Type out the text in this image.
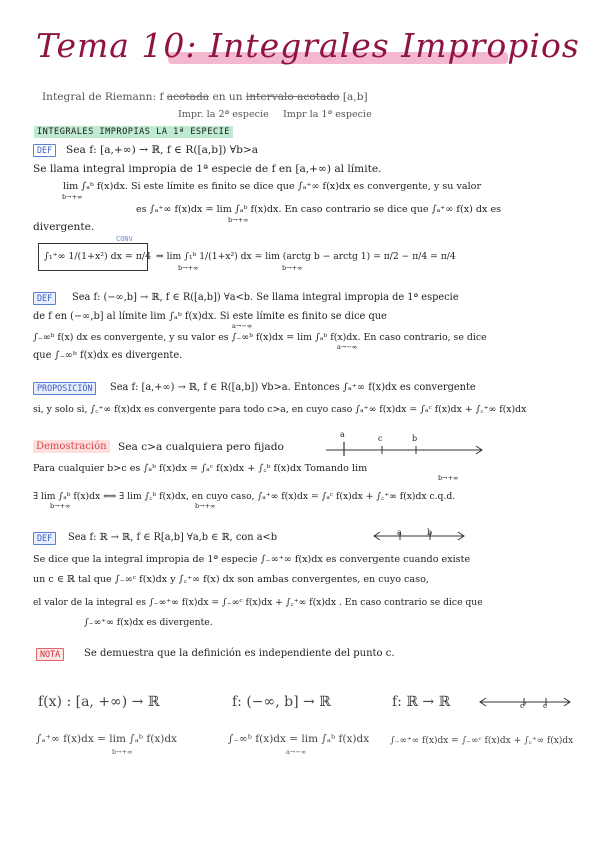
Tema 10: Integrales Impropios
Integral de Riemann: f acotada en un intervalo acotado [a,b]
Impr. la 2ª especie Impr la 1ª especie
INTEGRALES IMPROPIAS LA 1ª ESPECIE
DEF	Sea f: [a,+∞) → ℝ, f ∈ R([a,b]) ∀b>a
Se llama integral impropia de 1ª especie de f en [a,+∞) al límite.
lim ∫ₐᵇ f(x)dx. Si este límite es finito se dice que ∫ₐ⁺∞ f(x)dx es convergente, y su valor
b→+∞
es ∫ₐ⁺∞ f(x)dx = lim ∫ₐᵇ f(x)dx. En caso contrario se dice que ∫ₐ⁺∞ f(x) dx es
b→+∞
divergente.
CONV
∫₁⁺∞ 1/(1+x²) dx = π/4 ⇒ lim ∫₁ᵇ 1/(1+x²) dx = lim (arctg b − arctg 1) = π/2 − π/4 = π/4
b→+∞	b→+∞
DEF	Sea f: (−∞,b] → ℝ, f ∈ R([a,b]) ∀a<b. Se llama integral impropia de 1ª especie
de f en (−∞,b] al límite lim ∫ₐᵇ f(x)dx. Si este límite es finito se dice que
a→−∞
∫₋∞ᵇ f(x) dx es convergente, y su valor es ∫₋∞ᵇ f(x)dx = lim ∫ₐᵇ f(x)dx. En caso contrario, se dice
a→−∞
que ∫₋∞ᵇ f(x)dx es divergente.
PROPOSICIÓN	Sea f: [a,+∞) → ℝ, f ∈ R([a,b]) ∀b>a. Entonces ∫ₐ⁺∞ f(x)dx es convergente
si, y solo si, ∫꜀⁺∞ f(x)dx es convergente para todo c>a, en cuyo caso ∫ₐ⁺∞ f(x)dx = ∫ₐᶜ f(x)dx + ∫꜀⁺∞ f(x)dx
Demostración Sea c>a cualquiera pero fijado
a	c	b
Para cualquier b>c es ∫ₐᵇ f(x)dx = ∫ₐᶜ f(x)dx + ∫꜀ᵇ f(x)dx Tomando lim
b→+∞
∃ lim ∫ₐᵇ f(x)dx ⟺ ∃ lim ∫꜀ᵇ f(x)dx, en cuyo caso, ∫ₐ⁺∞ f(x)dx = ∫ₐᶜ f(x)dx + ∫꜀⁺∞ f(x)dx c.q.d.
b→+∞	b→+∞
DEF	Sea f: ℝ → ℝ, f ∈ R[a,b] ∀a,b ∈ ℝ, con a<b	a	b
Se dice que la integral impropia de 1ª especie ∫₋∞⁺∞ f(x)dx es convergente cuando existe
un c ∈ ℝ tal que ∫₋∞ᶜ f(x)dx y ∫꜀⁺∞ f(x) dx son ambas convergentes, en cuyo caso,
el valor de la integral es ∫₋∞⁺∞ f(x)dx = ∫₋∞ᶜ f(x)dx + ∫꜀⁺∞ f(x)dx . En caso contrario se dice que
∫₋∞⁺∞ f(x)dx es divergente.
NOTA	Se demuestra que la definición es independiente del punto c.
f(x) : [a, +∞) → ℝ
∫ₐ⁺∞ f(x)dx = lim ∫ₐᵇ f(x)dx
b→+∞
f: (−∞, b] → ℝ
∫₋∞ᵇ f(x)dx = lim ∫ₐᵇ f(x)dx
a→−∞
f: ℝ → ℝ	c' c
∫₋∞⁺∞ f(x)dx = ∫₋∞ᶜ f(x)dx + ∫꜀⁺∞ f(x)dx
